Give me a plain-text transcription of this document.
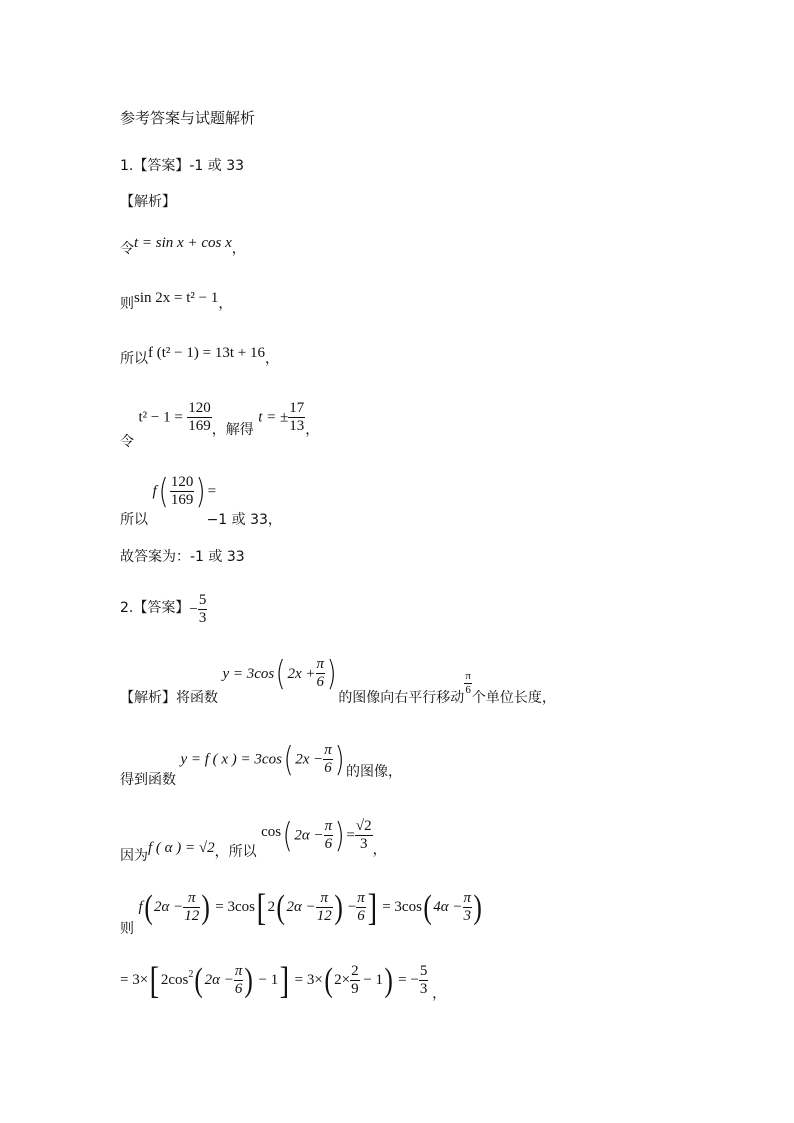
参考答案与试题解析
1.【答案】-1 或 33
【解析】
令t = sin x + cos x，
则sin 2x = t² − 1，
所以f (t² − 1) = 13t + 16，
令 $t^2 - 1 = \frac{120}{169}$ ，解得 t = ± $\frac{17}{13}$ ，
所以 $f( \frac{120}{169}$ ) = −1 或 33，
故答案为：-1 或 33
2.【答案】− $\frac{5}{3}$
【解析】将函数 y = 3cos( $2x + \frac{\pi}{6}$ )的图像向右平行移动
$\frac{\pi}{6}$
个单位长度，
得到函数 y = f ( x ) = 3cos( $2x - \frac{\pi}{6}$ ) 的图像，
因为f ( α ) = √2，所以 cos( $2\alpha - \frac{\pi}{6}$ ) = $\frac{√2}{3}$ ，
则 $f(2\alpha - \frac{\pi}{12}$ ) = 3cos[ $2(2\alpha - \frac{\pi}{12}$ ) − $\frac{\pi}{6}$ ] = $3\cos(4\alpha - \frac{\pi}{3}$ )
= 3×[ $2\cos^2(2\alpha - \frac{\pi}{6}$ ) − $1] = 3\times(2\times \frac{2}{9} - 1)$ = − $\frac{5}{3}$ ，
